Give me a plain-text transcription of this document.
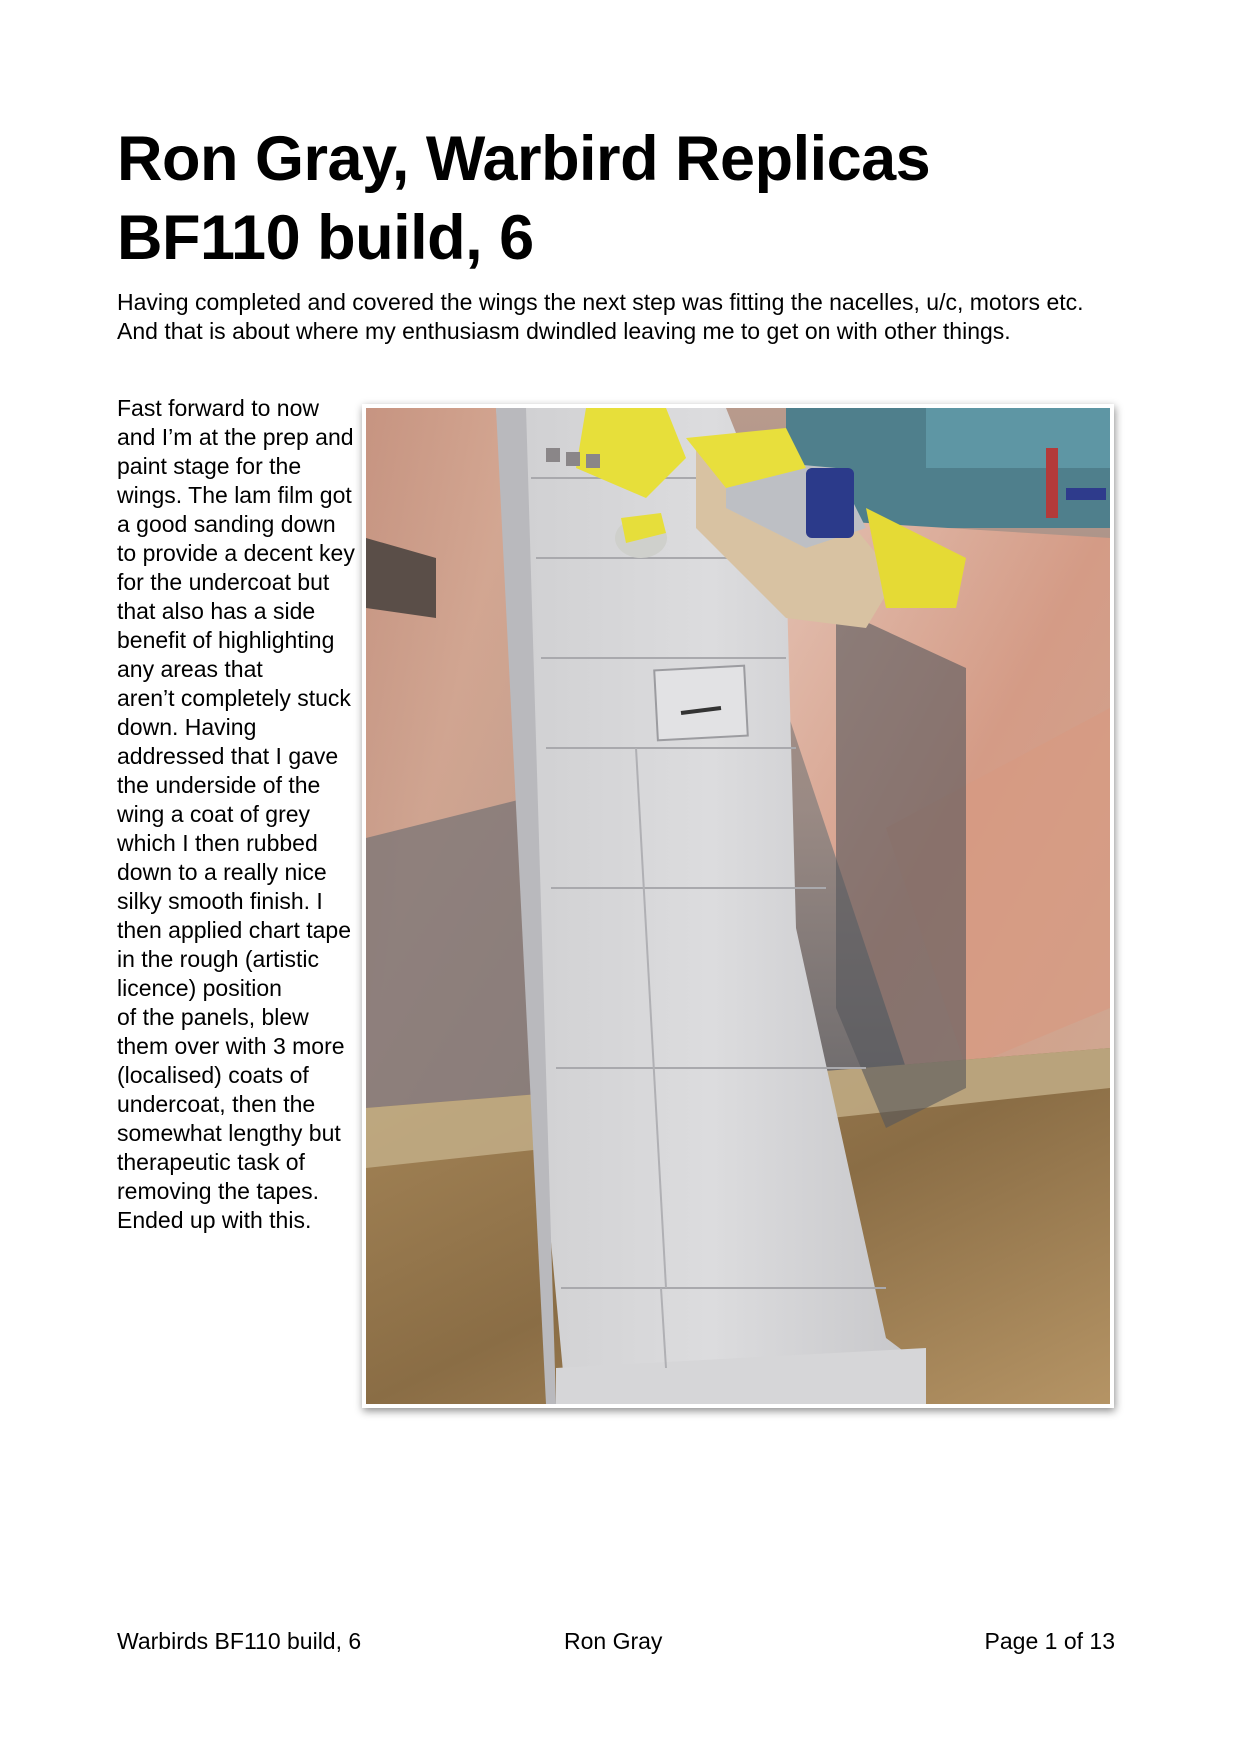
Ron Gray, Warbird Replicas
BF110 build, 6

Having completed and covered the wings the next step was fitting the nacelles, u/c, motors etc. And that is about where my enthusiasm dwindled leaving me to get on with other things.

Fast forward to now and I’m at the prep and paint stage for the wings. The lam film got a good sanding down to provide a decent key for the undercoat but that also has a side benefit of highlighting any areas that
aren’t completely stuck down. Having addressed that I gave the underside of the wing a coat of grey which I then rubbed down to a really nice silky smooth finish. I then applied chart tape in the rough (artistic licence) position
of the panels, blew them over with 3 more (localised) coats of undercoat, then the somewhat lengthy but therapeutic task of removing the tapes. Ended up with this.

Warbirds BF110 build, 6	Ron Gray	Page 1 of 13
